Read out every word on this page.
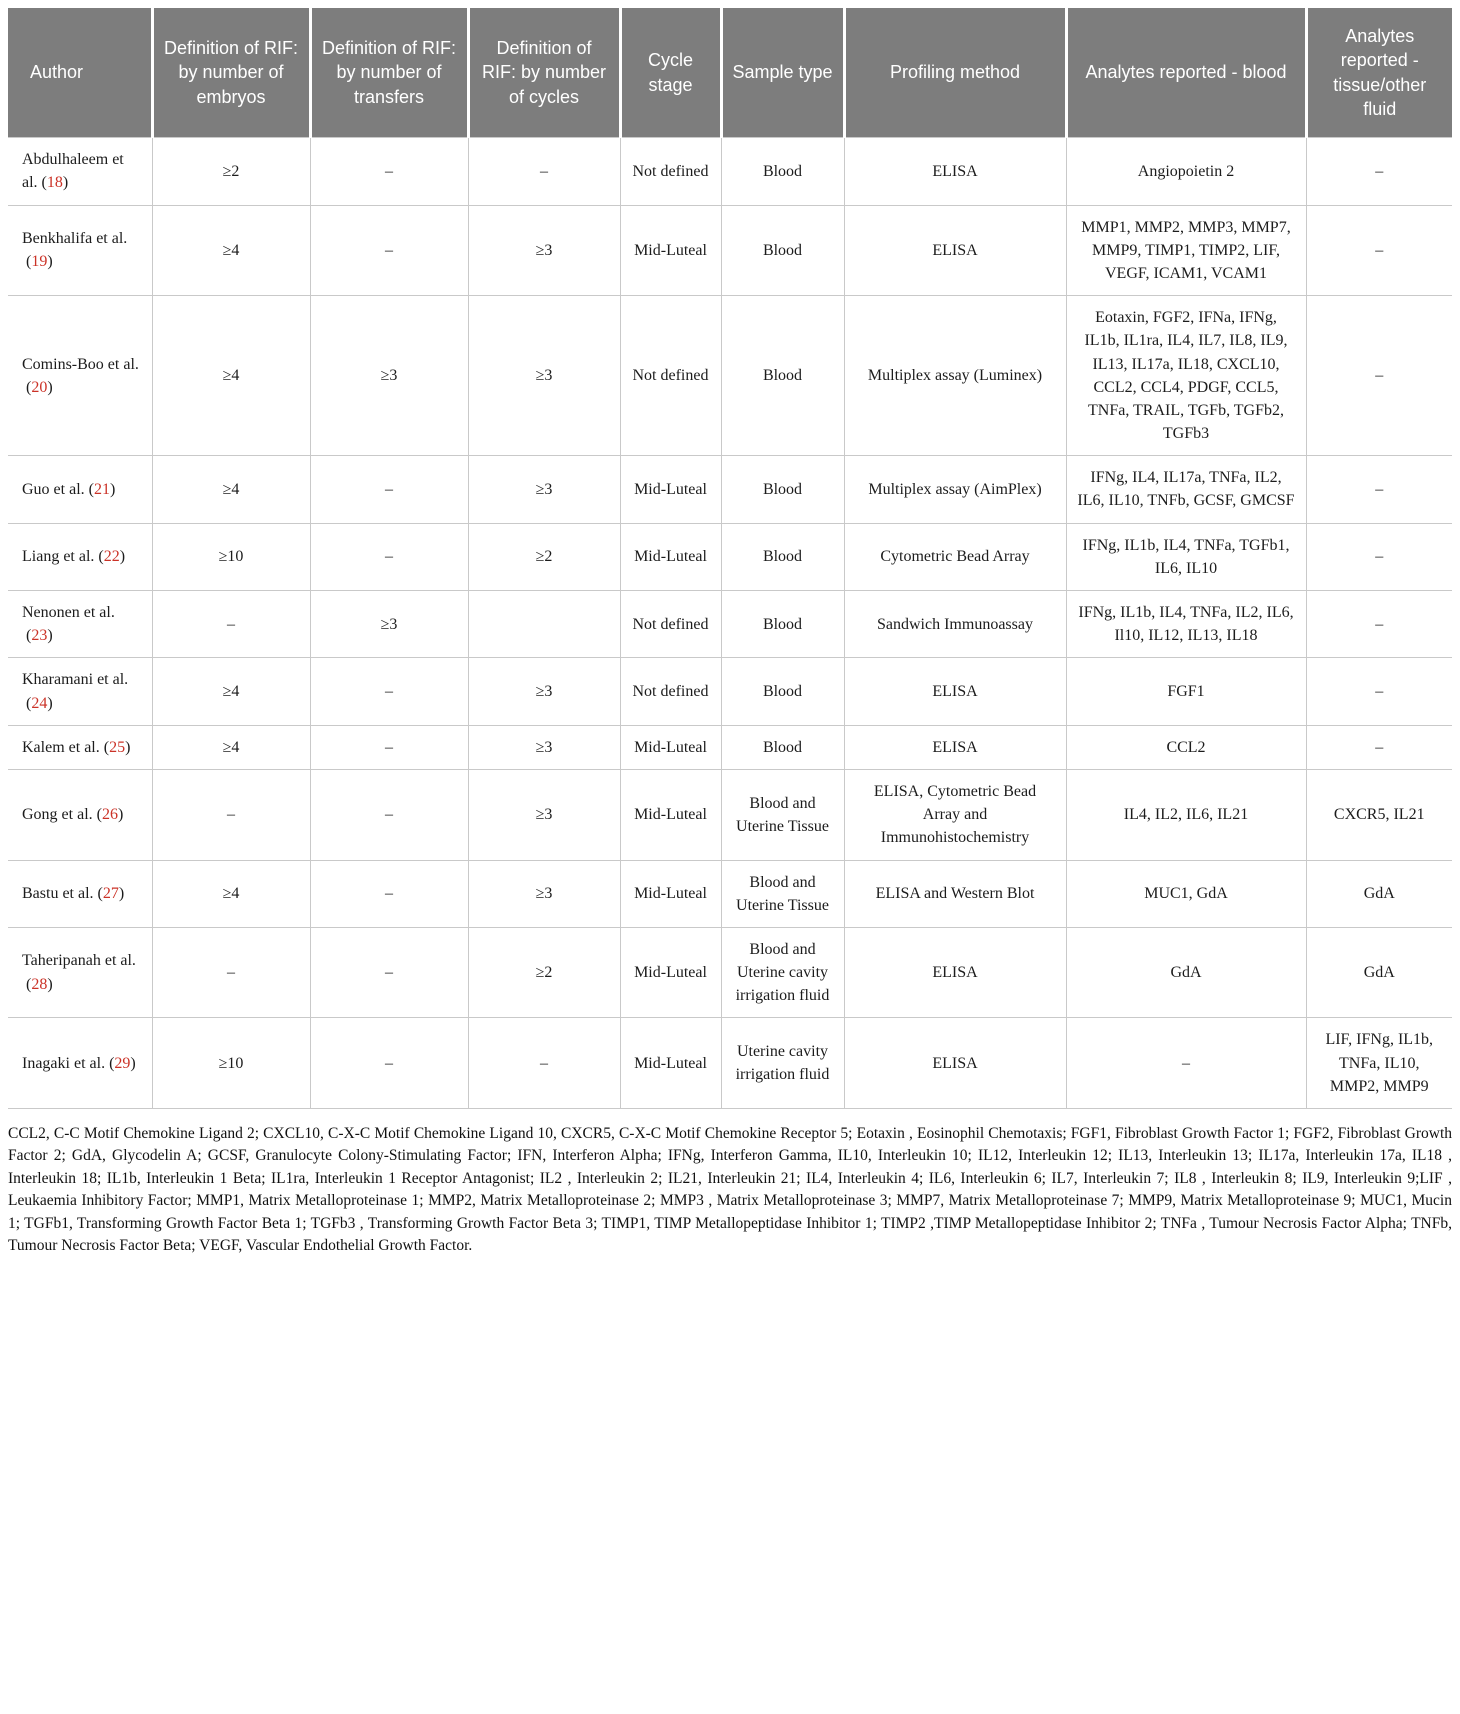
Author	Definition of RIF: by number of embryos	Definition of RIF: by number of transfers	Definition of RIF: by number of cycles	Cycle stage	Sample type	Profiling method	Analytes reported - blood	Analytes reported - tissue/other fluid
Abdulhaleem et al. (18)	≥2	–	–	Not defined	Blood	ELISA	Angiopoietin 2	–
Benkhalifa et al.(19)	≥4	–	≥3	Mid-Luteal	Blood	ELISA	MMP1, MMP2, MMP3, MMP7, MMP9, TIMP1, TIMP2, LIF, VEGF, ICAM1, VCAM1	–
Comins-Boo et al.(20)	≥4	≥3	≥3	Not defined	Blood	Multiplex assay (Luminex)	Eotaxin, FGF2, IFNa, IFNg, IL1b, IL1ra, IL4, IL7, IL8, IL9, IL13, IL17a, IL18, CXCL10, CCL2, CCL4, PDGF, CCL5, TNFa, TRAIL, TGFb, TGFb2, TGFb3	–
Guo et al. (21)	≥4	–	≥3	Mid-Luteal	Blood	Multiplex assay (AimPlex)	IFNg, IL4, IL17a, TNFa, IL2, IL6, IL10, TNFb, GCSF, GMCSF	–
Liang et al. (22)	≥10	–	≥2	Mid-Luteal	Blood	Cytometric Bead Array	IFNg, IL1b, IL4, TNFa, TGFb1, IL6, IL10	–
Nenonen et al.(23)	–	≥3		Not defined	Blood	Sandwich Immunoassay	IFNg, IL1b, IL4, TNFa, IL2, IL6, Il10, IL12, IL13, IL18	–
Kharamani et al.(24)	≥4	–	≥3	Not defined	Blood	ELISA	FGF1	–
Kalem et al. (25)	≥4	–	≥3	Mid-Luteal	Blood	ELISA	CCL2	–
Gong et al. (26)	–	–	≥3	Mid-Luteal	Blood and Uterine Tissue	ELISA, Cytometric Bead Array and Immunohistochemistry	IL4, IL2, IL6, IL21	CXCR5, IL21
Bastu et al. (27)	≥4	–	≥3	Mid-Luteal	Blood and Uterine Tissue	ELISA and Western Blot	MUC1, GdA	GdA
Taheripanah et al.(28)	–	–	≥2	Mid-Luteal	Blood and Uterine cavity irrigation fluid	ELISA	GdA	GdA
Inagaki et al. (29)	≥10	–	–	Mid-Luteal	Uterine cavity irrigation fluid	ELISA	–	LIF, IFNg, IL1b, TNFa, IL10, MMP2, MMP9

CCL2, C-C Motif Chemokine Ligand 2; CXCL10, C-X-C Motif Chemokine Ligand 10, CXCR5, C-X-C Motif Chemokine Receptor 5; Eotaxin , Eosinophil Chemotaxis; FGF1, Fibroblast Growth Factor 1; FGF2, Fibroblast Growth Factor 2; GdA, Glycodelin A; GCSF, Granulocyte Colony-Stimulating Factor; IFN, Interferon Alpha; IFNg, Interferon Gamma, IL10, Interleukin 10; IL12, Interleukin 12; IL13, Interleukin 13; IL17a, Interleukin 17a, IL18 , Interleukin 18; IL1b, Interleukin 1 Beta; IL1ra, Interleukin 1 Receptor Antagonist; IL2 , Interleukin 2; IL21, Interleukin 21; IL4, Interleukin 4; IL6, Interleukin 6; IL7, Interleukin 7; IL8 , Interleukin 8; IL9, Interleukin 9;LIF , Leukaemia Inhibitory Factor; MMP1, Matrix Metalloproteinase 1; MMP2, Matrix Metalloproteinase 2; MMP3 , Matrix Metalloproteinase 3; MMP7, Matrix Metalloproteinase 7; MMP9, Matrix Metalloproteinase 9; MUC1, Mucin 1; TGFb1, Transforming Growth Factor Beta 1; TGFb3 , Transforming Growth Factor Beta 3; TIMP1, TIMP Metallopeptidase Inhibitor 1; TIMP2 ,TIMP Metallopeptidase Inhibitor 2; TNFa , Tumour Necrosis Factor Alpha; TNFb, Tumour Necrosis Factor Beta; VEGF, Vascular Endothelial Growth Factor.
